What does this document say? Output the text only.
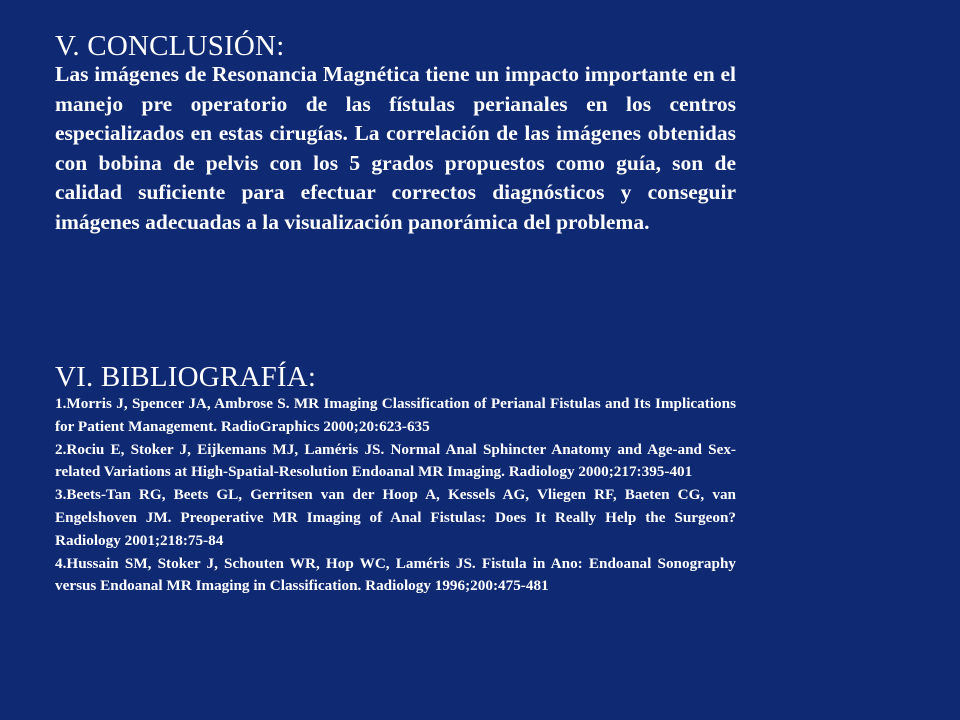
V. CONCLUSIÓN:

Las imágenes de Resonancia Magnética tiene un impacto importante en el manejo pre operatorio de las fístulas perianales en los centros especializados en estas cirugías. La correlación de las imágenes obtenidas con bobina de pelvis con los 5 grados propuestos como guía, son de calidad suficiente para efectuar correctos diagnósticos y conseguir imágenes adecuadas a la visualización panorámica del problema.

VI. BIBLIOGRAFÍA:
1.Morris J, Spencer JA, Ambrose S. MR Imaging Classification of Perianal Fistulas and Its Implications for Patient Management. RadioGraphics 2000;20:623-635
2.Rociu E, Stoker J, Eijkemans MJ, Laméris JS. Normal Anal Sphincter Anatomy and Age-and Sex-related Variations at High-Spatial-Resolution Endoanal MR Imaging. Radiology 2000;217:395-401
3.Beets-Tan RG, Beets GL, Gerritsen van der Hoop A, Kessels AG, Vliegen RF, Baeten CG, van Engelshoven JM. Preoperative MR Imaging of Anal Fistulas: Does It Really Help the Surgeon? Radiology 2001;218:75-84
4.Hussain SM, Stoker J, Schouten WR, Hop WC, Laméris JS. Fistula in Ano: Endoanal Sonography versus Endoanal MR Imaging in Classification. Radiology 1996;200:475-481
